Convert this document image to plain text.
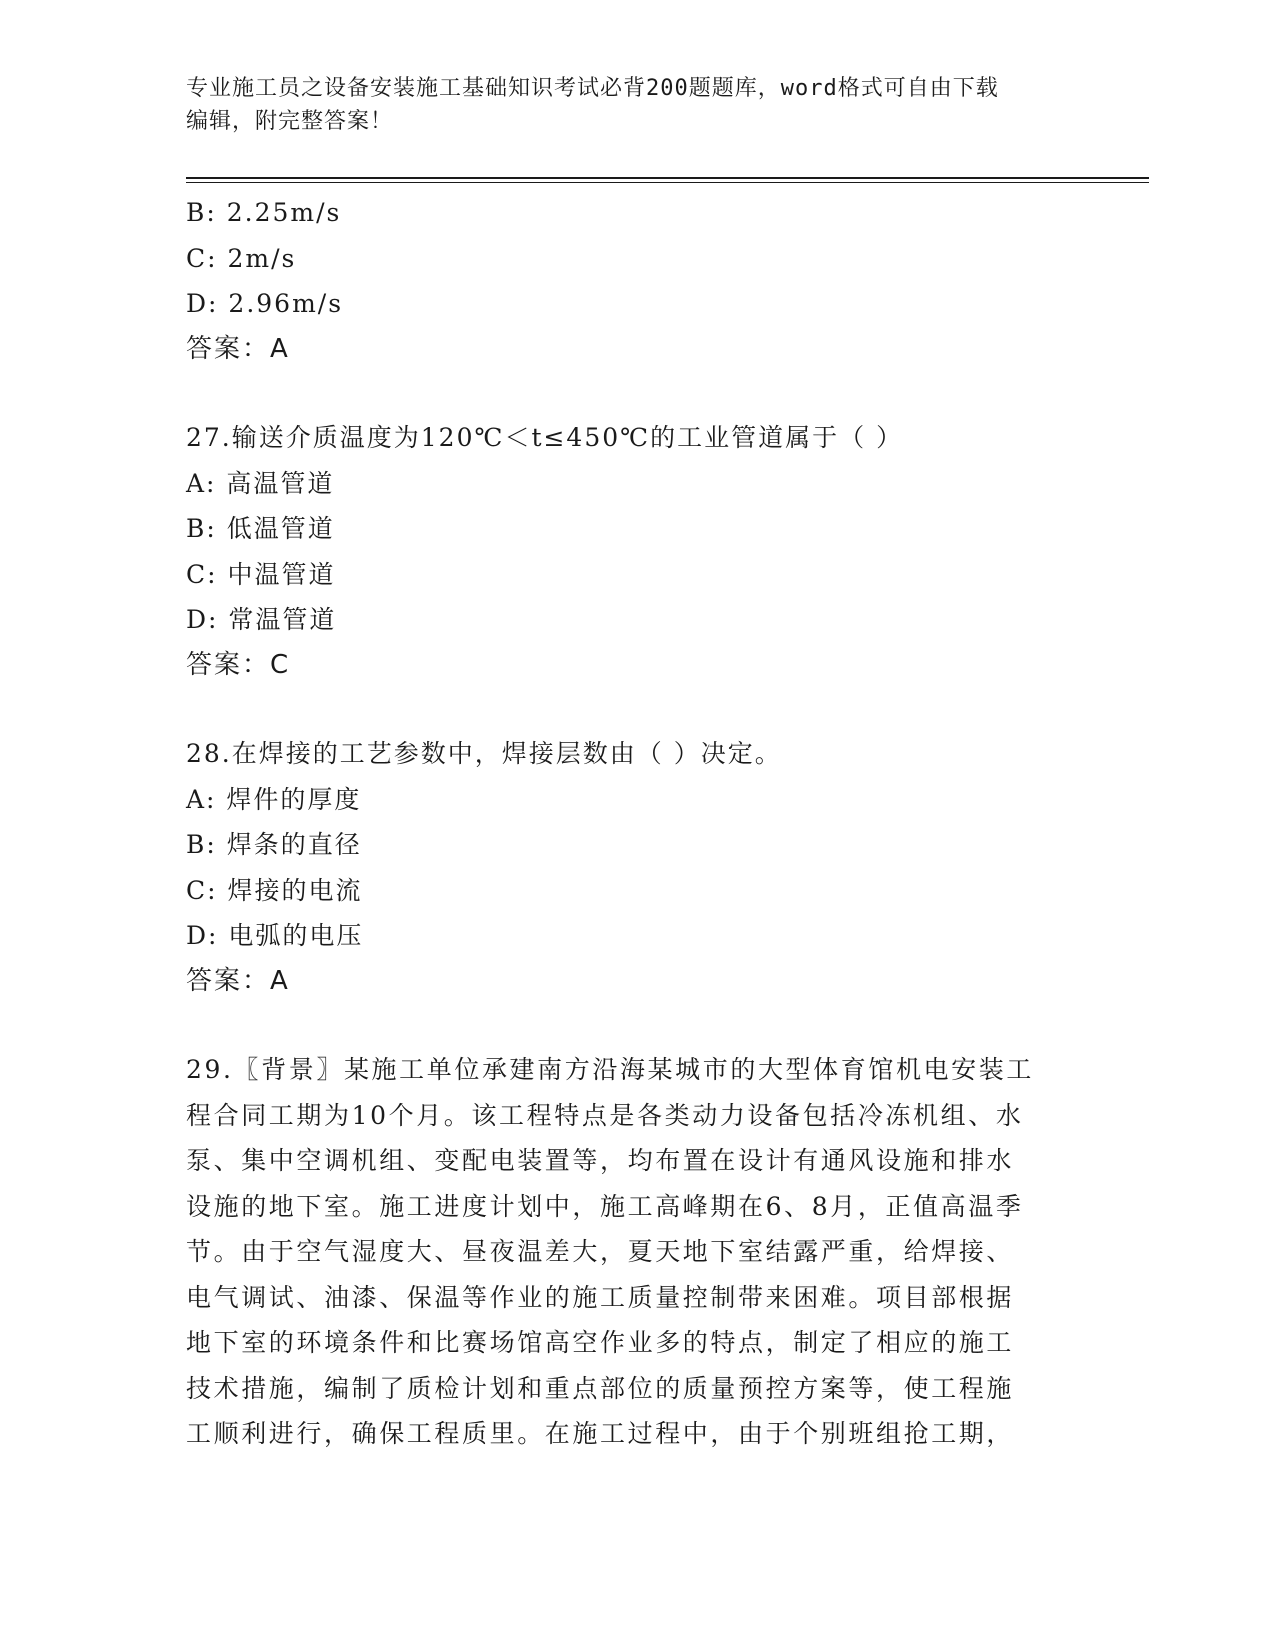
专业施工员之设备安装施工基础知识考试必背200题题库，word格式可自由下载
编辑，附完整答案！
B: 2.25m/s
C: 2m/s
D: 2.96m/s
答案：A
27.输送介质温度为120℃＜t≤450℃的工业管道属于（ ）
A: 高温管道
B: 低温管道
C: 中温管道
D: 常温管道
答案：C
28.在焊接的工艺参数中，焊接层数由（ ）决定。
A: 焊件的厚度
B: 焊条的直径
C: 焊接的电流
D: 电弧的电压
答案：A
29.〖背景〗某施工单位承建南方沿海某城市的大型体育馆机电安装工
程合同工期为10个月。该工程特点是各类动力设备包括冷冻机组、水
泵、集中空调机组、变配电装置等，均布置在设计有通风设施和排水
设施的地下室。施工进度计划中，施工高峰期在6、8月，正值高温季
节。由于空气湿度大、昼夜温差大，夏天地下室结露严重，给焊接、
电气调试、油漆、保温等作业的施工质量控制带来困难。项目部根据
地下室的环境条件和比赛场馆高空作业多的特点，制定了相应的施工
技术措施，编制了质检计划和重点部位的质量预控方案等，使工程施
工顺利进行，确保工程质里。在施工过程中，由于个别班组抢工期，
